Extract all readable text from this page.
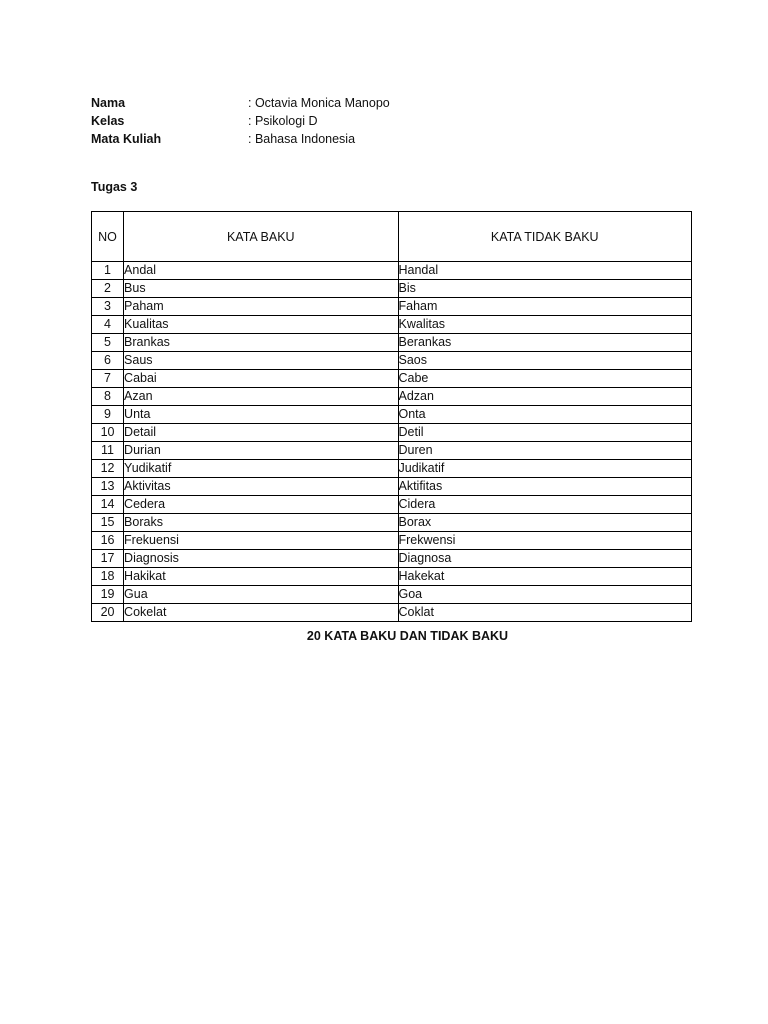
Nama	: Octavia Monica Manopo
Kelas	: Psikologi D
Mata Kuliah	: Bahasa Indonesia
Tugas 3
NO	KATA BAKU	KATA TIDAK BAKU
1	Andal	Handal
2	Bus	Bis
3	Paham	Faham
4	Kualitas	Kwalitas
5	Brankas	Berankas
6	Saus	Saos
7	Cabai	Cabe
8	Azan	Adzan
9	Unta	Onta
10	Detail	Detil
11	Durian	Duren
12	Yudikatif	Judikatif
13	Aktivitas	Aktifitas
14	Cedera	Cidera
15	Boraks	Borax
16	Frekuensi	Frekwensi
17	Diagnosis	Diagnosa
18	Hakikat	Hakekat
19	Gua	Goa
20	Cokelat	Coklat
20 KATA BAKU DAN TIDAK BAKU
